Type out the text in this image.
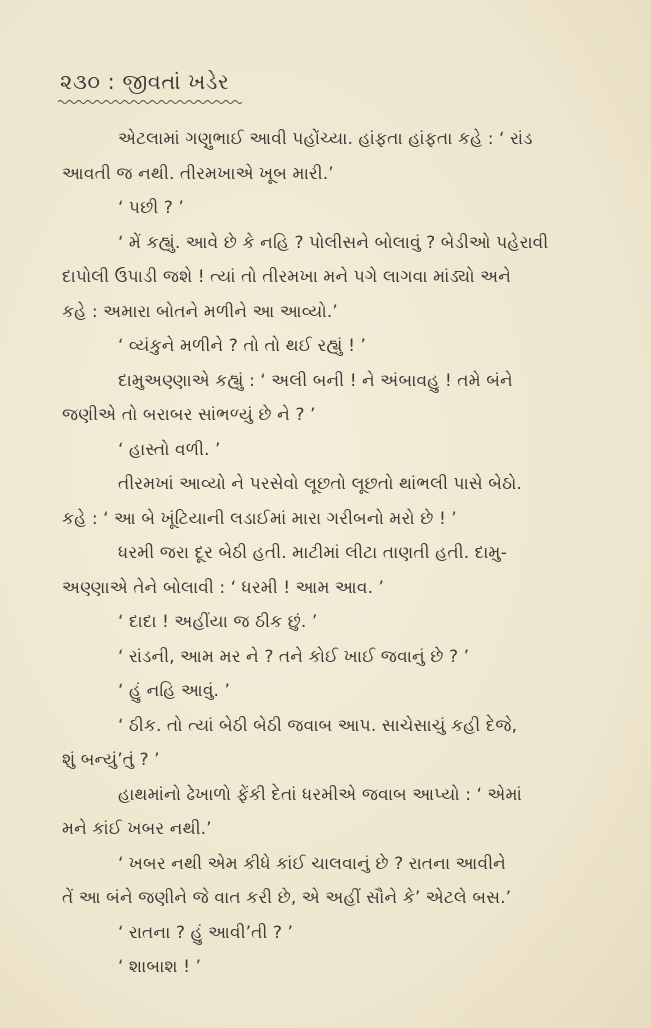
૨૩૦ : જીવતાં ખડેર

એટલામાં ગણુભાઈ આવી પહોંચ્યા. હાંફતા હાંફતા કહે : ‘ રાંડ

આવતી જ નથી. તીરમખાએ ખૂબ મારી.’

‘ પછી ? ’

‘ મેં કહ્યું. આવે છે કે નહિ ? પોલીસને બોલાવું ? બેડીઓ પહેરાવી

દાપોલી ઉપાડી જશે ! ત્યાં તો તીરમખા મને પગે લાગવા માંડ્યો અને

કહે : અમારા બોતને મળીને આ આવ્યો.’

‘ વ્યંકુને મળીને ? તો તો થઈ રહ્યું ! ’

દામુઅણ્ણાએ કહ્યું : ‘ અલી બની ! ને અંબાવહુ ! તમે બંને

જણીએ તો બરાબર સાંભળ્યું છે ને ? ’

‘ હાસ્તો વળી. ’

તીરમખાં આવ્યો ને પરસેવો લૂછતો લૂછતો થાંભલી પાસે બેઠો.

કહે : ‘ આ બે ખૂંટિયાની લડાઈમાં મારા ગરીબનો મરો છે ! ’

ધરમી જરા દૂર બેઠી હતી. માટીમાં લીટા તાણતી હતી. દામુ-

અણ્ણાએ તેને બોલાવી : ‘ ધરમી ! આમ આવ. ’

‘ દાદા ! અહીંયા જ ઠીક છું. ’

‘ રાંડની, આમ મર ને ? તને કોઈ ખાઈ જવાનું છે ? ’

‘ હું નહિ આવું. ’

‘ ઠીક. તો ત્યાં બેઠી બેઠી જવાબ આપ. સાચેસાચું કહી દેજે,

શું બન્યું’તું ? ’

હાથમાંનો ઢેખાળો ફેંકી દેતાં ધરમીએ જવાબ આપ્યો : ‘ એમાં

મને કાંઈ ખબર નથી.’

‘ ખબર નથી એમ કીધે કાંઈ ચાલવાનું છે ? રાતના આવીને

તેં આ બંને જણીને જે વાત કરી છે, એ અહીં સૌને કે’ એટલે બસ.’

‘ રાતના ? હું આવી’તી ? ’

‘ શાબાશ ! ’
